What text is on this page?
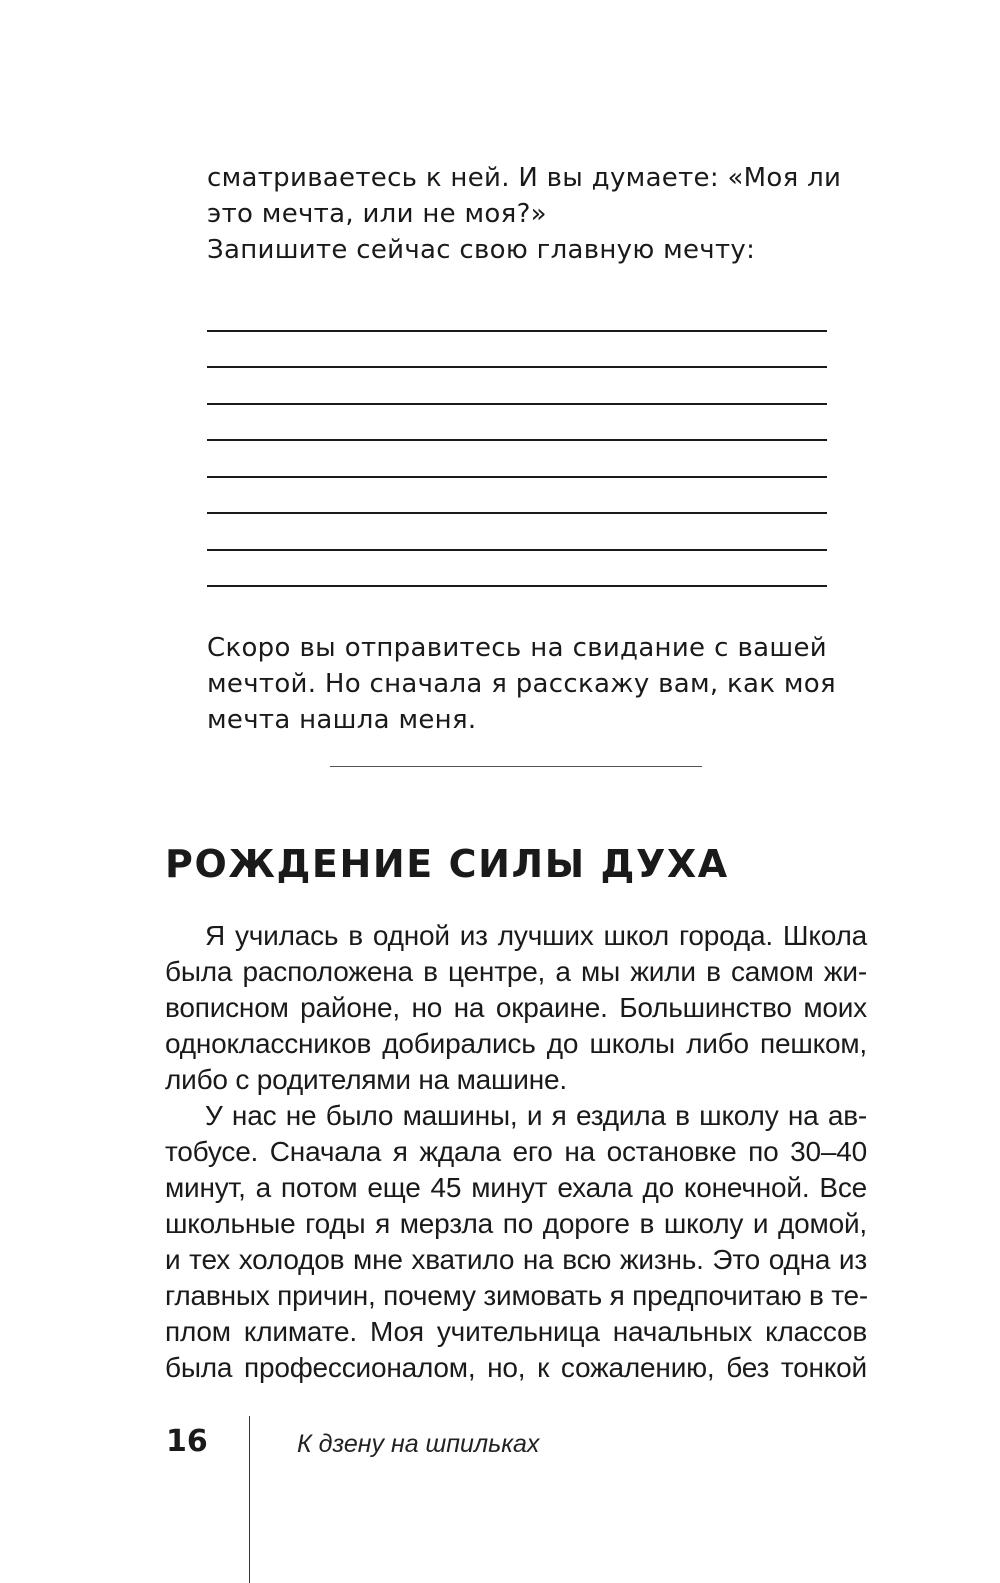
сматриваетесь к ней. И вы думаете: «Моя ли
это мечта, или не моя?»
Запишите сейчас свою главную мечту:

Скоро вы отправитесь на свидание с вашей
мечтой. Но сначала я расскажу вам, как моя
мечта нашла меня.

РОЖДЕНИЕ СИЛЫ ДУХА
Я училась в одной из лучших школ города. Школа
была расположена в центре, а мы жили в самом жи-
вописном районе, но на окраине. Большинство моих
одноклассников добирались до школы либо пешком,
либо с родителями на машине.
У нас не было машины, и я ездила в школу на ав-
тобусе. Сначала я ждала его на остановке по 30–40
минут, а потом еще 45 минут ехала до конечной. Все
школьные годы я мерзла по дороге в школу и домой,
и тех холодов мне хватило на всю жизнь. Это одна из
главных причин, почему зимовать я предпочитаю в те-
плом климате. Моя учительница начальных классов
была профессионалом, но, к сожалению, без тонкой

16	К дзену на шпильках
